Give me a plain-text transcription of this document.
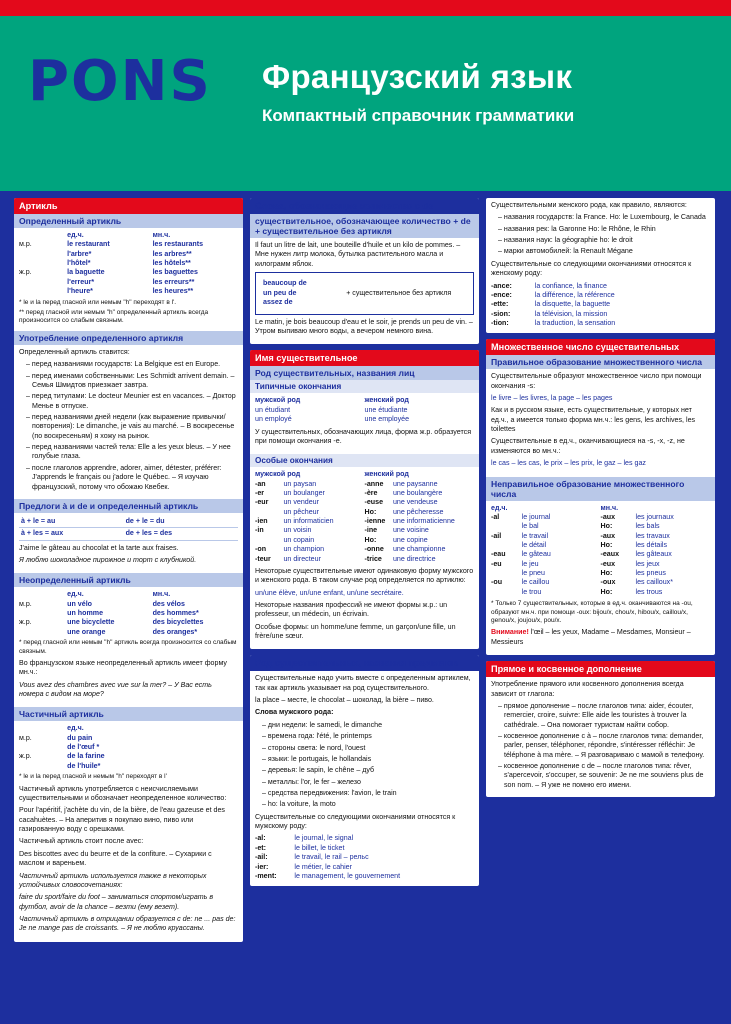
PONS	Французский язык
Компактный справочник грамматики
Артикль
Определенный артикль
	ед.ч.	мн.ч.
м.р.	le restaurant	les restaurants
	l'arbre*	les arbres**
	l'hôtel*	les hôtels**
ж.р.	la baguette	les baguettes
	l'erreur*	les erreurs**
	l'heure*	les heures**
* le и la перед гласной или немым "h" переходят в l'.
** перед гласной или немым "h" определенный артикль всегда произносится со слабым связным.
Употребление определенного артикля

Определенный артикль ставится:

– перед названиями государств: La Belgique est en Europe.
– перед именами собственными: Les Schmidt arrivent demain. – Семья Шмидтов приезжает завтра.
– перед титулами: Le docteur Meunier est en vacances. – Доктор Менье в отпуске.
– перед названиями дней недели (как выражение привычки/повторения): Le dimanche, je vais au marché. – В воскресенье (по воскресеньям) я хожу на рынок.
– перед названиями частей тела: Elle a les yeux bleus. – У нее голубые глаза.
– после глаголов apprendre, adorer, aimer, détester, préférer: J'apprends le français ou j'adore le Québec. – Я изучаю французский, потому что обожаю Квебек.
Предлоги à и de и определенный артикль
à + le = au	de + le = du
à + les = aux	de + les = des

J'aime le gâteau au chocolat et la tarte aux fraises.

Я люблю шоколадное пирожное и торт с клубникой.

Неопределенный артикль
	ед.ч.	мн.ч.
м.р.	un vélo	des vélos
	un homme	des hommes*
ж.р.	une bicyclette	des bicyclettes
	une orange	des oranges*
* перед гласной или немым "h" артикль всегда произносится со слабым связным.

Во французском языке неопределенный артикль имеет форму мн.ч.:

Vous avez des chambres avec vue sur la mer? – У Вас есть номера с видом на море?

Частичный артикль
	ед.ч.
м.р.	du pain
	de l'œuf *
ж.р.	de la farine
	de l'huile*
* le и la перед гласной и немым "h" переходят в l'

Частичный артикль употребляется с неисчисляемыми существительными и обозначает неопределенное количество:

Pour l'apéritif, j'achète du vin, de la bière, de l'eau gazeuse et des cacahuètes. – На аперитив я покупаю вино, пиво или газированную воду с орешками.

Частичный артикль стоит после avec:

Des biscottes avec du beurre et de la confiture. – Сухарики с маслом и вареньем.

Частичный артикль используется также в некоторых устойчивых словосочетаниях:

faire du sport/faire du foot – заниматься спортом/играть в футбол, avoir de la chance – везти (ему везет).

Частичный артикль в отрицании образуется с de: ne ... pas de: Je ne mange pas de croissants. – Я не люблю круассаны.

Слова, обозначающие количество с de
существительное, обозначающее количество + de + существительное без артикля

Il faut un litre de lait, une bouteille d'huile et un kilo de pommes. – Мне нужен литр молока, бутылка растительного масла и килограмм яблок.

beaucoup de
un peu de
assez de
	+ существительное без артикля

Le matin, je bois beaucoup d'eau et le soir, je prends un peu de vin. – Утром выпиваю много воды, а вечером немного вина.

Имя существительное
Род существительных, названия лиц
Типичные окончания
мужской род	женский род
un étudiant	une étudiante
un employé	une employée

У существительных, обозначающих лица, форма ж.р. образуется при помощи окончания -e.

Особые окончания
мужской род		женский род	
-an	un paysan	-anne	une paysanne
-er	un boulanger	-ère	une boulangère
-eur	un vendeur	-euse	une vendeuse
	un pêcheur	Ho:	une pêcheresse
-ien	un informaticien	-ienne	une informaticienne
-in	un voisin	-ine	une voisine
	un copain	Ho:	une copine
-on	un champion	-onne	une championne
-teur	un directeur	-trice	une directrice

Некоторые существительные имеют одинаковую форму мужского и женского рода. В таком случае род определяется по артиклю:

un/une élève, un/une enfant, un/une secrétaire.

Некоторые названия профессий не имеют формы ж.р.: un professeur, un médecin, un écrivain.

Особые формы: un homme/une femme, un garçon/une fille, un frère/une sœur.

Род существительных, названия предметов

Существительные надо учить вместе с определенным артиклем, так как артикль указывает на род существительного.

la place – месте, le chocolat – шоколад, la bière – пиво.

Слова мужского рода:

– дни недели: le samedi, le dimanche
– времена года: l'été, le printemps
– стороны света: le nord, l'ouest
– языки: le portugais, le hollandais
– деревья: le sapin, le chêne – дуб
– металлы: l'or, le fer – железо
– средства передвижения: l'avion, le train
– ho: la voiture, la moto

Существительные со следующими окончаниями относятся к мужскому роду:

-al:	le journal, le signal
-et:	le billet, le ticket
-ail:	le travail, le rail – рельс
-ier:	le métier, le cahier
-ment:	le management, le gouvernement

Существительными женского рода, как правило, являются:

– названия государств: la France. Ho: le Luxembourg, le Canada
– названия рек: la Garonne Ho: le Rhône, le Rhin
– названия наук: la géographie ho: le droit
– марки автомобилей: la Renault Mégane

Существительные со следующими окончаниями относятся к женскому роду:

-ance:	la confiance, la finance
-ence:	la différence, la référence
-ette:	la disquette, la baguette
-sion:	la télévision, la mission
-tion:	la traduction, la sensation
Множественное число существительных
Правильное образование множественного числа

Существительные образуют множественное число при помощи окончания -s:

le livre – les livres, la page – les pages

Как и в русском языке, есть существительные, у которых нет ед.ч., а имеется только форма мн.ч.: les gens, les archives, les toilettes

Существительные в ед.ч., оканчивающиеся на -s, -x, -z, не изменяются во мн.ч.:

le cas – les cas, le prix – les prix, le gaz – les gaz

Неправильное образование множественного числа
ед.ч.		мн.ч.	
-al	le journal	-aux	les journaux
	le bal	Ho:	les bals
-ail	le travail	-aux	les travaux
	le détail	Ho:	les détails
-eau	le gâteau	-eaux	les gâteaux
-eu	le jeu	-eux	les jeux
	le pneu	Ho:	les pneus
-ou	le caillou	-oux	les cailloux*
	le trou	Ho:	les trous
* Только 7 существительных, которые в ед.ч. оканчиваются на -ou, образуют мн.ч. при помощи -oux: bijou/x, chou/x, hibou/x, caillou/x, genou/x, joujou/x, pou/x.

Внимание! l'œil – les yeux, Madame – Mesdames, Monsieur – Messieurs

Прямое и косвенное дополнение

Употребление прямого или косвенного дополнения всегда зависит от глагола:

– прямое дополнение – после глаголов типа: aider, écouter, remercier, croire, suivre: Elle aide les touristes à trouver la cathédrale. – Она помогает туристам найти собор.
– косвенное дополнение с à – после глаголов типа: demander, parler, penser, téléphoner, répondre, s'intéresser réfléchir: Je téléphone à ma mère. – Я разговариваю с мамой в телефону.
– косвенное дополнение с de – после глаголов типа: rêver, s'apercevoir, s'occuper, se souvenir: Je ne me souviens plus de son nom. – Я уже не помню его имени.
